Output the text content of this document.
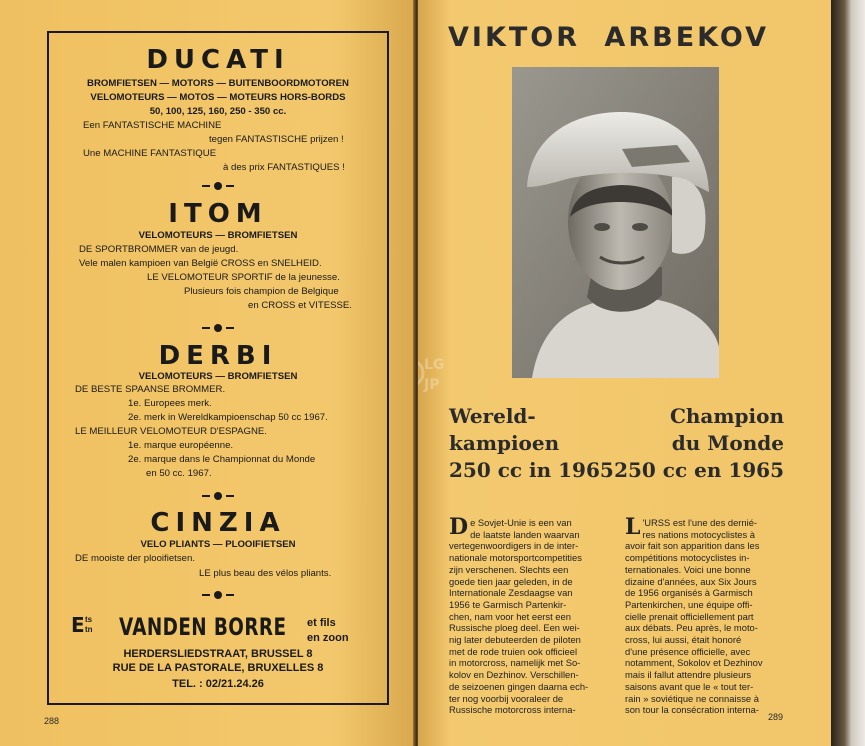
DUCATI
BROMFIETSEN — MOTORS — BUITENBOORDMOTOREN
VELOMOTEURS — MOTOS — MOTEURS HORS-BORDS
50, 100, 125, 160, 250 - 350 cc.
Een FANTASTISCHE MACHINE
tegen FANTASTISCHE prijzen !
Une MACHINE FANTASTIQUE
à des prix FANTASTIQUES !
ITOM
VELOMOTEURS — BROMFIETSEN
DE SPORTBROMMER van de jeugd.
Vele malen kampioen van België CROSS en SNELHEID.
LE VELOMOTEUR SPORTIF de la jeunesse.
Plusieurs fois champion de Belgique
en CROSS et VITESSE.
DERBI
VELOMOTEURS — BROMFIETSEN
DE BESTE SPAANSE BROMMER.
1e. Europees merk.
2e. merk in Wereldkampioenschap 50 cc 1967.
LE MEILLEUR VELOMOTEUR D'ESPAGNE.
1e. marque européenne.
2e. marque dans le Championnat du Monde
en 50 cc. 1967.
CINZIA
VELO PLIANTS — PLOOIFIETSEN
DE mooiste der plooifietsen.
LE plus beau des vélos pliants.
E ts
tn VANDEN BORRE et fils
en zoon
HERDERSLIEDSTRAAT, BRUSSEL 8
RUE DE LA PASTORALE, BRUXELLES 8
TEL. : 02/21.24.26
288
VIKTOR ARBEKOV
LG
JP
Wereld-
kampioen
250 cc in 1965
Champion
du Monde
250 cc en 1965
D e Sovjet-Unie is een van
de laatste landen waarvan
vertegenwoordigers in de inter-
nationale motorsportcompetities
zijn verschenen. Slechts een
goede tien jaar geleden, in de
Internationale Zesdaagse van
1956 te Garmisch Partenkir-
chen, nam voor het eerst een
Russische ploeg deel. Een wei-
nig later debuteerden de piloten
met de rode truien ook officieel
in motorcross, namelijk met So-
kolov en Dezhinov. Verschillen-
de seizoenen gingen daarna ech-
ter nog voorbij vooraleer de
Russische motorcross interna-
L 'URSS est l'une des dernié-
res nations motocyclistes à
avoir fait son apparition dans les
compétitions motocyclistes in-
ternationales. Voici une bonne
dizaine d'années, aux Six Jours
de 1956 organisés à Garmisch
Partenkirchen, une équipe offi-
cielle prenait officiellement part
aux débats. Peu après, le moto-
cross, lui aussi, était honoré
d'une présence officielle, avec
notamment, Sokolov et Dezhinov
mais il fallut attendre plusieurs
saisons avant que le « tout ter-
rain » soviétique ne connaisse à
son tour la consécration interna-
289
